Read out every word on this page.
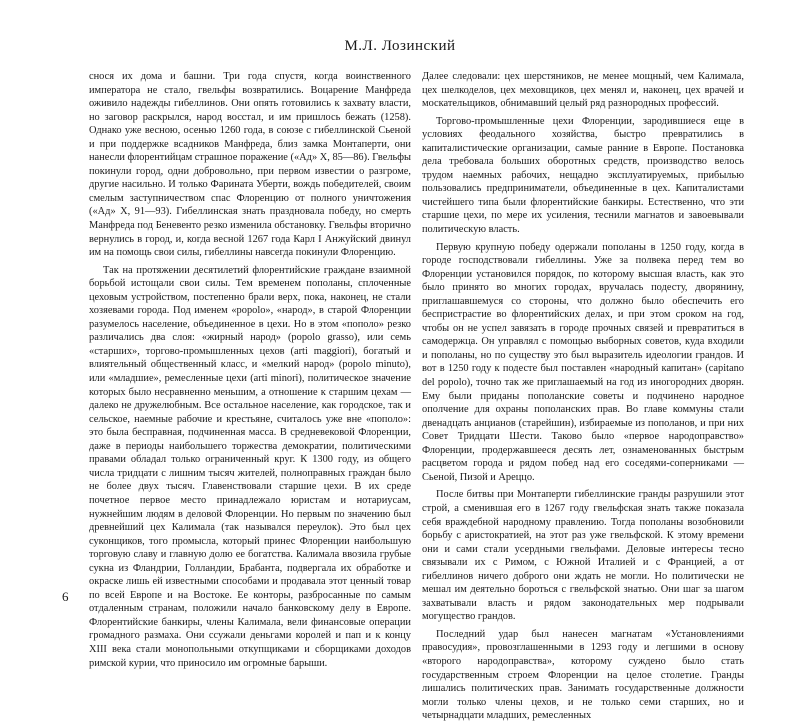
М.Л. Лозинский

снося их дома и башни. Три года спустя, когда воинственного императора не стало, гвельфы возвратились. Воцарение Манфреда оживило надежды гибеллинов. Они опять готовились к захвату власти, но заговор раскрылся, народ восстал, и им пришлось бежать (1258). Однако уже весною, осенью 1260 года, в союзе с гибеллинской Сьеной и при поддержке всадников Манфреда, близ замка Монтаперти, они нанесли флорентийцам страшное поражение («Ад» X, 85—86). Гвельфы покинули город, одни добровольно, при первом известии о разгроме, другие насильно. И только Фарината Уберти, вождь победителей, своим смелым заступничеством спас Флоренцию от полного уничтожения («Ад» X, 91—93). Гибеллинская знать праздновала победу, но смерть Манфреда под Беневенто резко изменила обстановку. Гвельфы вторично вернулись в город, и, когда весной 1267 года Карл I Анжуйский двинул им на помощь свои силы, гибеллины навсегда покинули Флоренцию.

Так на протяжении десятилетий флорентийские граждане взаимной борьбой истощали свои силы. Тем временем пополаны, сплоченные цеховым устройством, постепенно брали верх, пока, наконец, не стали хозяевами города. Под именем «popolo», «народ», в старой Флоренции разумелось население, объединенное в цехи. Но в этом «пополо» резко различались два слоя: «жирный народ» (popolo grasso), или семь «старших», торгово-промышленных цехов (arti maggiori), богатый и влиятельный общественный класс, и «мелкий народ» (popolo minuto), или «младшие», ремесленные цехи (arti minori), политическое значение которых было несравненно меньшим, а отношение к старшим цехам — далеко не дружелюбным. Все остальное население, как городское, так и сельское, наемные рабочие и крестьяне, считалось уже вне «пополо»: это была бесправная, подчиненная масса. В средневековой Флоренции, даже в периоды наибольшего торжества демократии, политическими правами обладал только ограниченный круг. К 1300 году, из общего числа тридцати с лишним тысяч жителей, полноправных граждан было не более двух тысяч. Главенствовали старшие цехи. В их среде почетное первое место принадлежало юристам и нотариусам, нужнейшим людям в деловой Флоренции. Но первым по значению был древнейший цех Калимала (так назывался переулок). Это был цех суконщиков, того промысла, который принес Флоренции наибольшую торговую славу и главную долю ее богатства. Калимала ввозила грубые сукна из Фландрии, Голландии, Брабанта, подвергала их обработке и окраске лишь ей известными способами и продавала этот ценный товар по всей Европе и на Востоке. Ее конторы, разбросанные по самым отдаленным странам, положили начало банковскому делу в Европе. Флорентийские банкиры, члены Калимала, вели финансовые операции громадного размаха. Они ссужали деньгами королей и пап и к концу XIII века стали монопольными откупщиками и сборщиками доходов римской курии, что приносило им огромные барыши.

Далее следовали: цех шерстяников, не менее мощный, чем Калимала, цех шелкоделов, цех меховщиков, цех менял и, наконец, цех врачей и москательщиков, обнимавший целый ряд разнородных профессий.

Торгово-промышленные цехи Флоренции, зародившиеся еще в условиях феодального хозяйства, быстро превратились в капиталистические организации, самые ранние в Европе. Постановка дела требовала больших оборотных средств, производство велось трудом наемных рабочих, нещадно эксплуатируемых, прибылью пользовались предприниматели, объединенные в цех. Капиталистами чистейшего типа были флорентийские банкиры. Естественно, что эти старшие цехи, по мере их усиления, теснили магнатов и завоевывали политическую власть.

Первую крупную победу одержали пополаны в 1250 году, когда в городе господствовали гибеллины. Уже за полвека перед тем во Флоренции установился порядок, по которому высшая власть, как это было принято во многих городах, вручалась подесту, дворянину, приглашавшемуся со стороны, что должно было обеспечить его беспристрастие во флорентийских делах, и при этом сроком на год, чтобы он не успел завязать в городе прочных связей и превратиться в самодержца. Он управлял с помощью выборных советов, куда входили и пополаны, но по существу это был выразитель идеологии грандов. И вот в 1250 году к подесте был поставлен «народный капитан» (capitano del popolo), точно так же приглашаемый на год из иногородних дворян. Ему были приданы пополанские советы и подчинено народное ополчение для охраны пополанских прав. Во главе коммуны стали двенадцать анцианов (старейшин), избираемые из пополанов, и при них Совет Тридцати Шести. Таково было «первое народоправство» Флоренции, продержавшееся десять лет, ознаменованных быстрым расцветом города и рядом побед над его соседями-соперниками — Сьеной, Пизой и Ареццо.

После битвы при Монтаперти гибеллинские гранды разрушили этот строй, а сменившая его в 1267 году гвельфская знать также показала себя враждебной народному правлению. Тогда пополаны возобновили борьбу с аристократией, на этот раз уже гвельфской. К этому времени они и сами стали усердными гвельфами. Деловые интересы тесно связывали их с Римом, с Южной Италией и с Францией, а от гибеллинов ничего доброго они ждать не могли. Но политически не мешал им деятельно бороться с гвельфской знатью. Они шаг за шагом захватывали власть и рядом законодательных мер подрывали могущество грандов.

Последний удар был нанесен магнатам «Установлениями правосудия», провозглашенными в 1293 году и легшими в основу «второго народоправства», которому суждено было стать государственным строем Флоренции на целое столетие. Гранды лишались политических прав. Занимать государственные должности могли только члены цехов, и не только семи старших, но и четырнадцати младших, ремесленных

6
